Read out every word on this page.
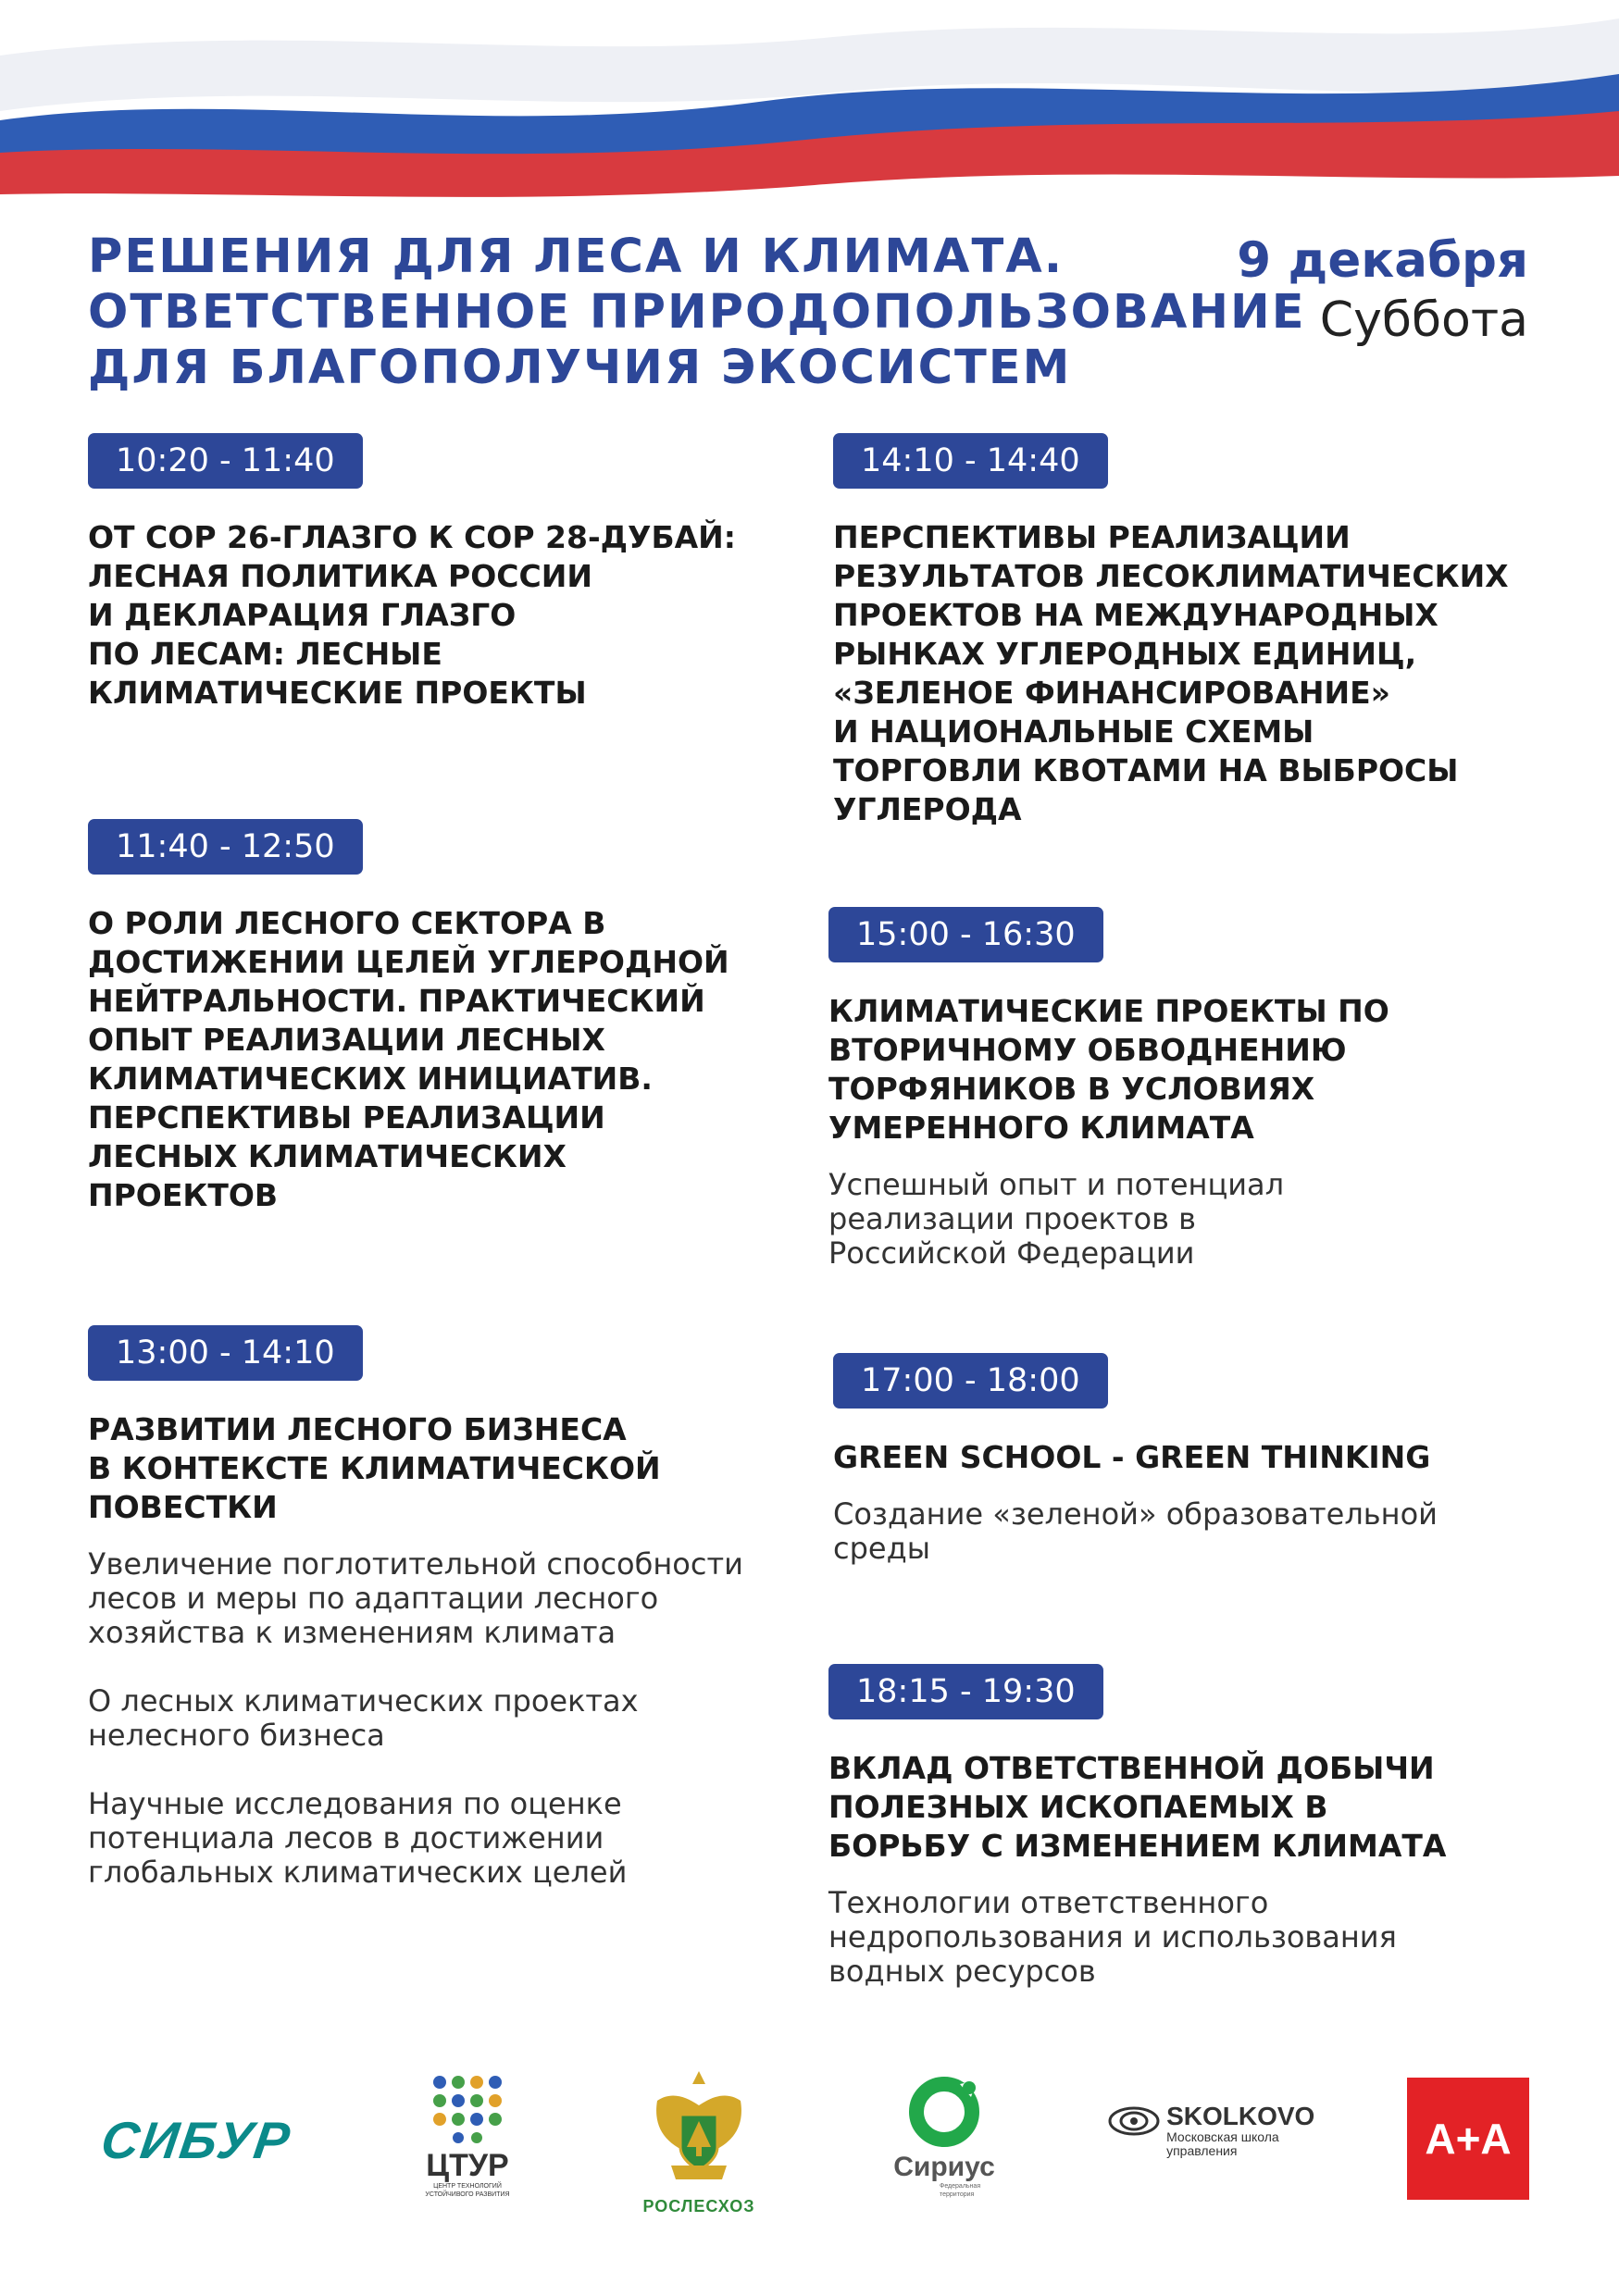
РЕШЕНИЯ ДЛЯ ЛЕСА И КЛИМАТА.
ОТВЕТСТВЕННОЕ ПРИРОДОПОЛЬЗОВАНИЕ
ДЛЯ БЛАГОПОЛУЧИЯ ЭКОСИСТЕМ
9 декабря
Суббота
10:20 - 11:40
ОТ COP 26-ГЛАЗГО К COP 28-ДУБАЙ:
ЛЕСНАЯ ПОЛИТИКА РОССИИ
И ДЕКЛАРАЦИЯ ГЛАЗГО
ПО ЛЕСАМ: ЛЕСНЫЕ
КЛИМАТИЧЕСКИЕ ПРОЕКТЫ
11:40 - 12:50
О РОЛИ ЛЕСНОГО СЕКТОРА В
ДОСТИЖЕНИИ ЦЕЛЕЙ УГЛЕРОДНОЙ
НЕЙТРАЛЬНОСТИ. ПРАКТИЧЕСКИЙ
ОПЫТ РЕАЛИЗАЦИИ ЛЕСНЫХ
КЛИМАТИЧЕСКИХ ИНИЦИАТИВ.
ПЕРСПЕКТИВЫ РЕАЛИЗАЦИИ
ЛЕСНЫХ КЛИМАТИЧЕСКИХ
ПРОЕКТОВ
13:00 - 14:10
РАЗВИТИИ ЛЕСНОГО БИЗНЕСА
В КОНТЕКСТЕ КЛИМАТИЧЕСКОЙ
ПОВЕСТКИ

Увеличение поглотительной способности
лесов и меры по адаптации лесного
хозяйства к изменениям климата

О лесных климатических проектах
нелесного бизнеса

Научные исследования по оценке
потенциала лесов в достижении
глобальных климатических целей

14:10 - 14:40
ПЕРСПЕКТИВЫ РЕАЛИЗАЦИИ
РЕЗУЛЬТАТОВ ЛЕСОКЛИМАТИЧЕСКИХ
ПРОЕКТОВ НА МЕЖДУНАРОДНЫХ
РЫНКАХ УГЛЕРОДНЫХ ЕДИНИЦ,
«ЗЕЛЕНОЕ ФИНАНСИРОВАНИЕ»
И НАЦИОНАЛЬНЫЕ СХЕМЫ
ТОРГОВЛИ КВОТАМИ НА ВЫБРОСЫ
УГЛЕРОДА
15:00 - 16:30
КЛИМАТИЧЕСКИЕ ПРОЕКТЫ ПО
ВТОРИЧНОМУ ОБВОДНЕНИЮ
ТОРФЯНИКОВ В УСЛОВИЯХ
УМЕРЕННОГО КЛИМАТА

Успешный опыт и потенциал
реализации проектов в
Российской Федерации

17:00 - 18:00
GREEN SCHOOL - GREEN THINKING

Создание «зеленой» образовательной
среды

18:15 - 19:30
ВКЛАД ОТВЕТСТВЕННОЙ ДОБЫЧИ
ПОЛЕЗНЫХ ИСКОПАЕМЫХ В
БОРЬБУ С ИЗМЕНЕНИЕМ КЛИМАТА

Технологии ответственного
недропользования и использования
водных ресурсов

СИБУР	ЦТУР
ЦЕНТР ТЕХНОЛОГИЙ УСТОЙЧИВОГО РАЗВИТИЯ
РОСЛЕСХОЗ
Сириус
Федеральная территория

SKOLKOVO
Московская школа
управления	А+А
